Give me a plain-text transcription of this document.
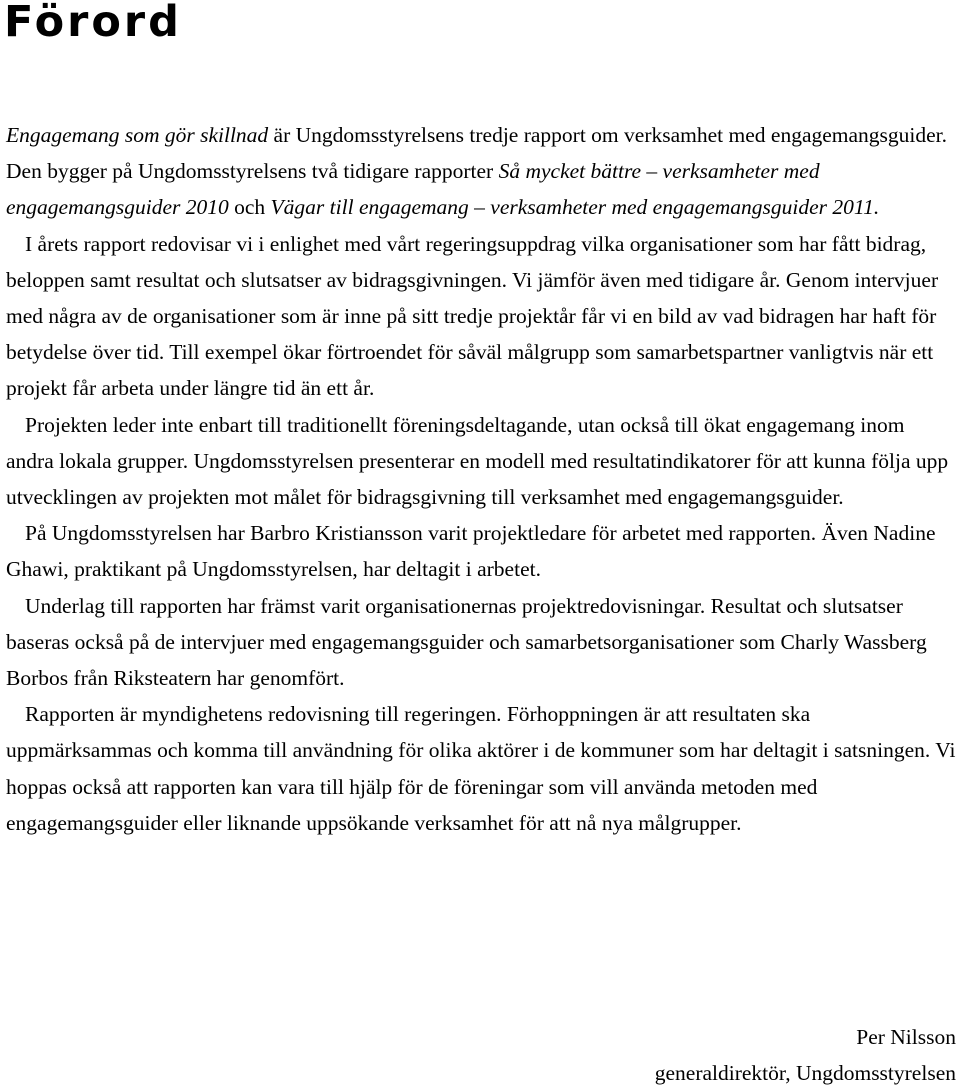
Förord

Engagemang som gör skillnad är Ungdomsstyrelsens tredje rapport om verksamhet med engagemangsguider. Den bygger på Ungdomsstyrelsens två tidigare rapporter Så mycket bättre – verksamheter med engagemangsguider 2010 och Vägar till engagemang – verksamheter med engagemangsguider 2011.

I årets rapport redovisar vi i enlighet med vårt regeringsuppdrag vilka organisationer som har fått bidrag, beloppen samt resultat och slutsatser av bidragsgivningen. Vi jämför även med tidigare år. Genom intervjuer med några av de organisationer som är inne på sitt tredje projektår får vi en bild av vad bidragen har haft för betydelse över tid. Till exempel ökar förtroendet för såväl målgrupp som samarbetspartner vanligtvis när ett projekt får arbeta under längre tid än ett år.

Projekten leder inte enbart till traditionellt föreningsdeltagande, utan också till ökat engagemang inom andra lokala grupper. Ungdomsstyrelsen presenterar en modell med resultatindikatorer för att kunna följa upp utvecklingen av projekten mot målet för bidragsgivning till verksamhet med engagemangsguider.

På Ungdomsstyrelsen har Barbro Kristiansson varit projektledare för arbetet med rapporten. Även Nadine Ghawi, praktikant på Ungdomsstyrelsen, har deltagit i arbetet.

Underlag till rapporten har främst varit organisationernas projektredovisningar. Resultat och slutsatser baseras också på de intervjuer med engagemangsguider och samarbetsorganisationer som Charly Wassberg Borbos från Riksteatern har genomfört.

Rapporten är myndighetens redovisning till regeringen. Förhoppningen är att resultaten ska uppmärksammas och komma till användning för olika aktörer i de kommuner som har deltagit i satsningen. Vi hoppas också att rapporten kan vara till hjälp för de föreningar som vill använda metoden med engagemangsguider eller liknande uppsökande verksamhet för att nå nya målgrupper.

Per Nilsson
generaldirektör, Ungdomsstyrelsen
